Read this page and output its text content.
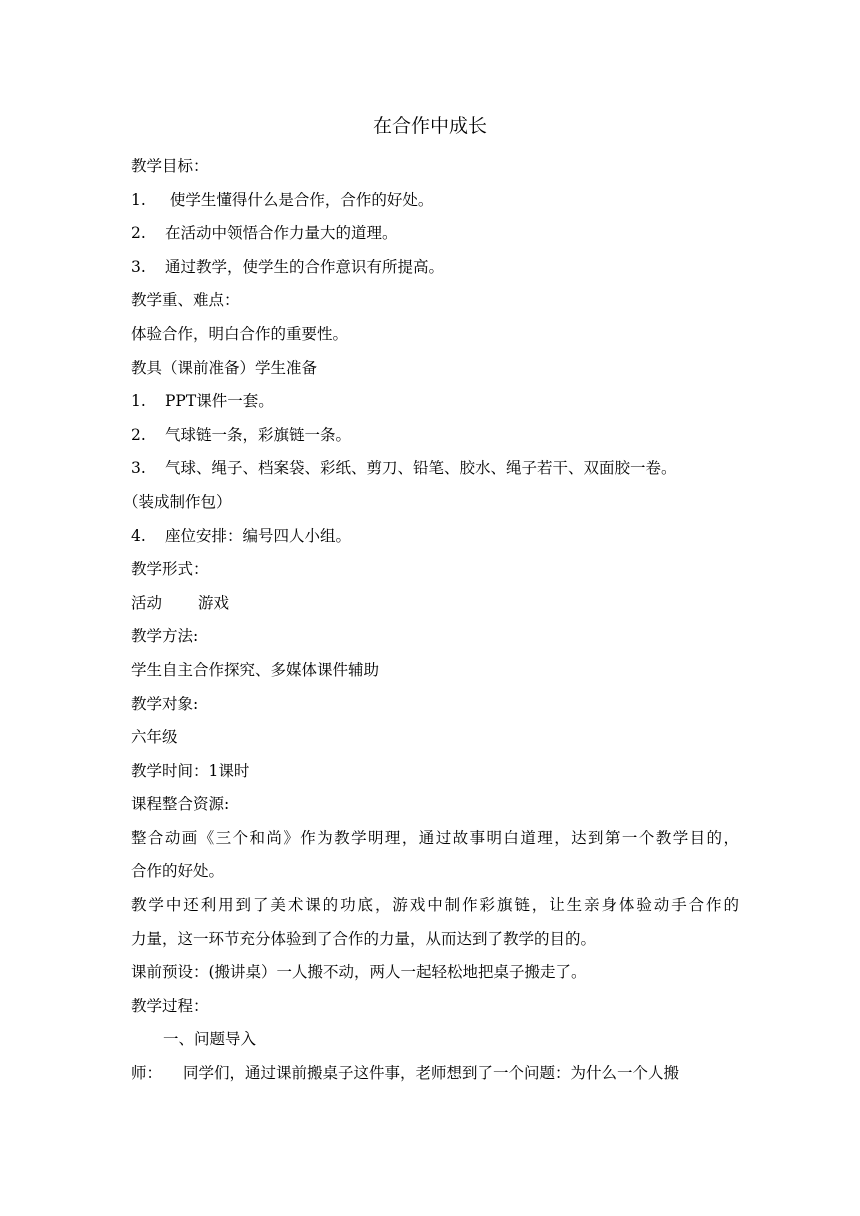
在合作中成长
教学目标：
1. 使学生懂得什么是合作，合作的好处。
2. 在活动中领悟合作力量大的道理。
3. 通过教学，使学生的合作意识有所提高。
教学重、难点：
体验合作，明白合作的重要性。
教具（课前准备）学生准备
1. PPT课件一套。
2. 气球链一条，彩旗链一条。
3. 气球、绳子、档案袋、彩纸、剪刀、铅笔、胶水、绳子若干、双面胶一卷。
（装成制作包）
4. 座位安排：编号四人小组。
教学形式：
活动 游戏
教学方法:
学生自主合作探究、多媒体课件辅助
教学对象:
六年级
教学时间：1课时
课程整合资源:
整合动画《三个和尚》作为教学明理，通过故事明白道理，达到第一个教学目的，
合作的好处。
教学中还利用到了美术课的功底，游戏中制作彩旗链，让生亲身体验动手合作的
力量，这一环节充分体验到了合作的力量，从而达到了教学的目的。
课前预设：(搬讲桌）一人搬不动，两人一起轻松地把桌子搬走了。
教学过程：
一、问题导入
师： 同学们，通过课前搬桌子这件事，老师想到了一个问题：为什么一个人搬
